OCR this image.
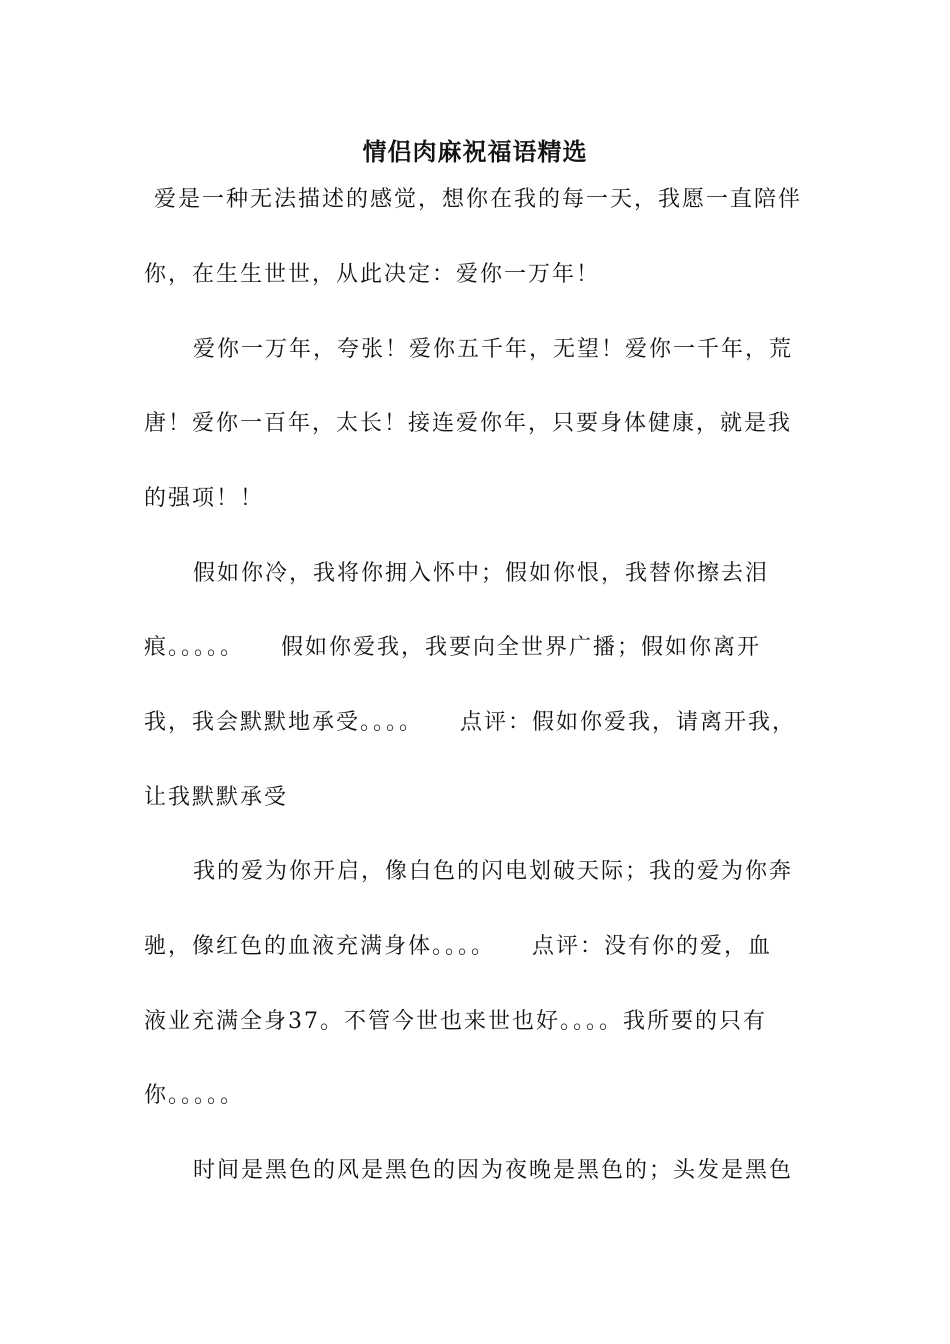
情侣肉麻祝福语精选
爱是一种无法描述的感觉，想你在我的每一天，我愿一直陪伴
你，在生生世世，从此决定：爱你一万年！
爱你一万年，夸张！爱你五千年，无望！爱你一千年，荒
唐！爱你一百年，太长！接连爱你年，只要身体健康，就是我
的强项！！
假如你冷，我将你拥入怀中；假如你恨，我替你擦去泪
痕。。。。。　　假如你爱我，我要向全世界广播；假如你离开
我，我会默默地承受。。。。　　点评：假如你爱我，请离开我，
让我默默承受
我的爱为你开启，像白色的闪电划破天际；我的爱为你奔
驰，像红色的血液充满身体。。。。　　点评：没有你的爱，血
液业充满全身37。不管今世也来世也好。。。。我所要的只有
你。。。。。
时间是黑色的风是黑色的因为夜晚是黑色的；头发是黑色
